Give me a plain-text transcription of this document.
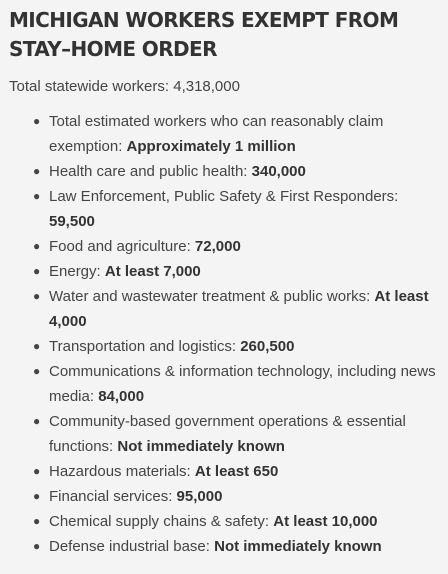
MICHIGAN WORKERS EXEMPT FROM STAY–HOME ORDER

Total statewide workers: 4,318,000

● Total estimated workers who can reasonably claim exemption: Approximately 1 million
● Health care and public health: 340,000
● Law Enforcement, Public Safety & First Responders: 59,500
● Food and agriculture: 72,000
● Energy: At least 7,000
● Water and wastewater treatment & public works: At least 4,000
● Transportation and logistics: 260,500
● Communications & information technology, including news media: 84,000
● Community-based government operations & essential functions: Not immediately known
● Hazardous materials: At least 650
● Financial services: 95,000
● Chemical supply chains & safety: At least 10,000
● Defense industrial base: Not immediately known
